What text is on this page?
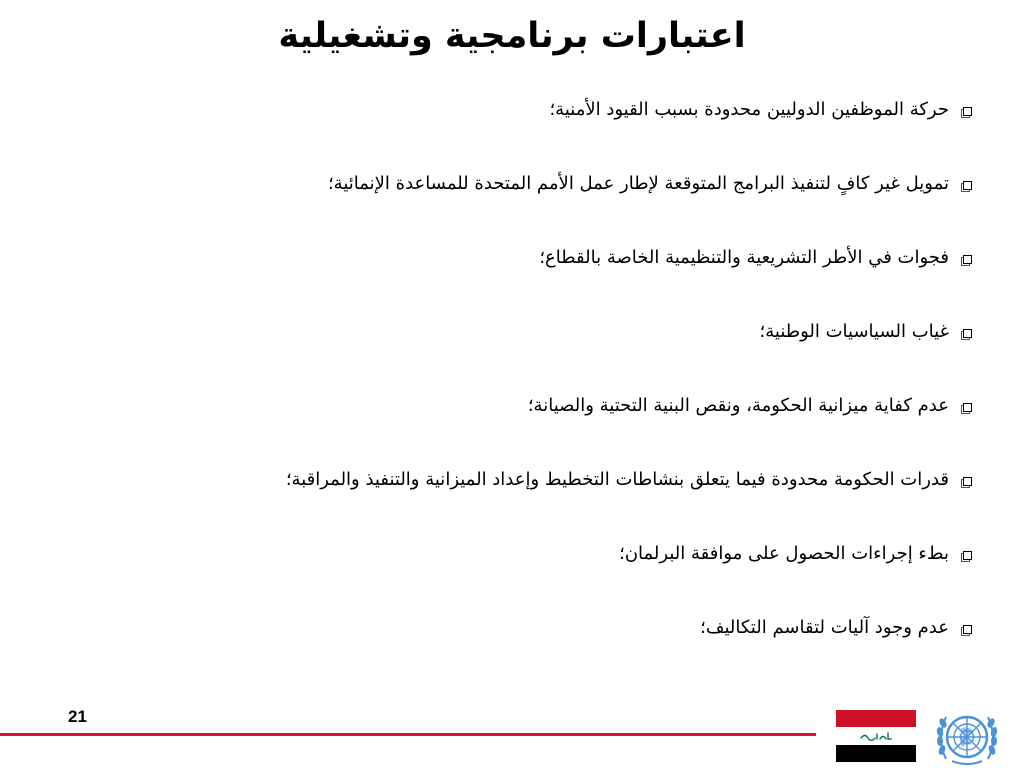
اعتبارات برنامجية وتشغيلية
حركة الموظفين الدوليين محدودة بسبب القيود الأمنية؛
تمويل غير كافٍ لتنفيذ البرامج المتوقعة لإطار عمل الأمم المتحدة للمساعدة الإنمائية؛
فجوات في الأطر التشريعية والتنظيمية الخاصة بالقطاع؛
غياب السياسيات الوطنية؛
عدم كفاية ميزانية الحكومة، ونقص البنية التحتية والصيانة؛
قدرات الحكومة محدودة فيما يتعلق بنشاطات التخطيط وإعداد الميزانية والتنفيذ والمراقبة؛
بطء إجراءات الحصول على موافقة البرلمان؛
عدم وجود آليات لتقاسم التكاليف؛
21
